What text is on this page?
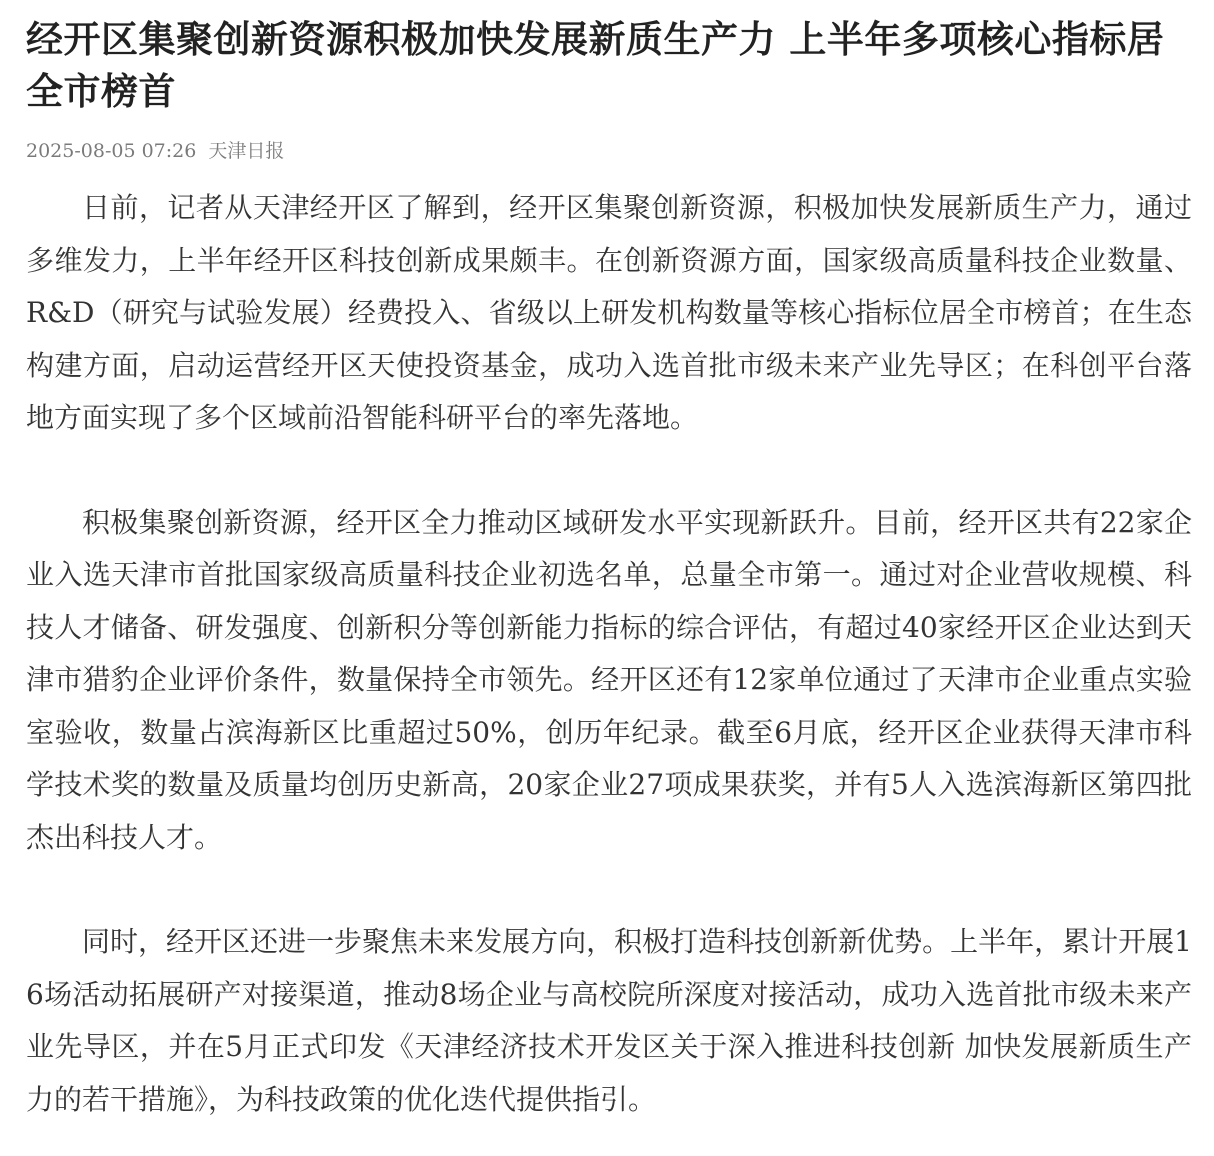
经开区集聚创新资源积极加快发展新质生产力 上半年多项核心指标居全市榜首
2025-08-05 07:26 天津日报

日前，记者从天津经开区了解到，经开区集聚创新资源，积极加快发展新质生产力，通过多维发力，上半年经开区科技创新成果颇丰。在创新资源方面，国家级高质量科技企业数量、R&D（研究与试验发展）经费投入、省级以上研发机构数量等核心指标位居全市榜首；在生态构建方面，启动运营经开区天使投资基金，成功入选首批市级未来产业先导区；在科创平台落地方面实现了多个区域前沿智能科研平台的率先落地。

积极集聚创新资源，经开区全力推动区域研发水平实现新跃升。目前，经开区共有22家企业入选天津市首批国家级高质量科技企业初选名单，总量全市第一。通过对企业营收规模、科技人才储备、研发强度、创新积分等创新能力指标的综合评估，有超过40家经开区企业达到天津市猎豹企业评价条件，数量保持全市领先。经开区还有12家单位通过了天津市企业重点实验室验收，数量占滨海新区比重超过50%，创历年纪录。截至6月底，经开区企业获得天津市科学技术奖的数量及质量均创历史新高，20家企业27项成果获奖，并有5人入选滨海新区第四批杰出科技人才。

同时，经开区还进一步聚焦未来发展方向，积极打造科技创新新优势。上半年，累计开展16场活动拓展研产对接渠道，推动8场企业与高校院所深度对接活动，成功入选首批市级未来产业先导区，并在5月正式印发《天津经济技术开发区关于深入推进科技创新 加快发展新质生产力的若干措施》，为科技政策的优化迭代提供指引。
